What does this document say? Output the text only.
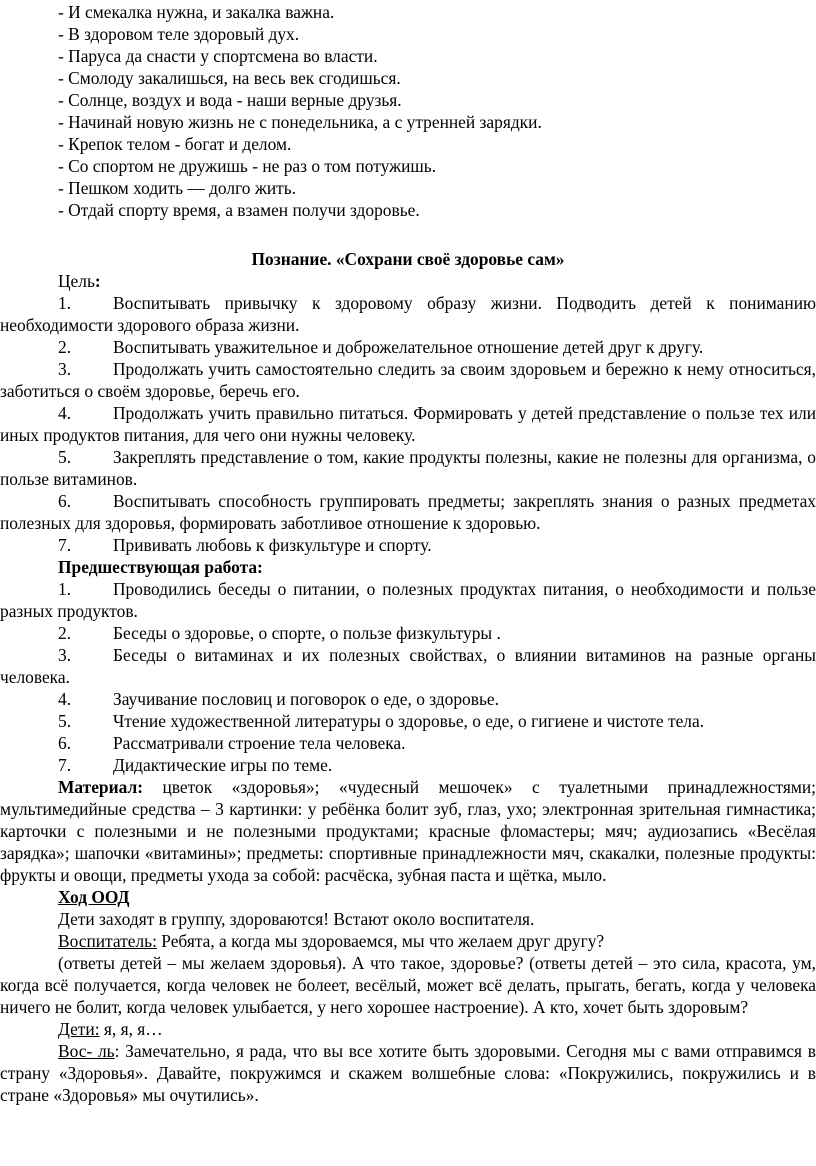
- И смекалка нужна, и закалка важна.
- В здоровом теле здоровый дух.
- Паруса да снасти у спортсмена во власти.
- Смолоду закалишься, на весь век сгодишься.
- Солнце, воздух и вода - наши верные друзья.
- Начинай новую жизнь не с понедельника, а с утренней зарядки.
- Крепок телом - богат и делом.
- Со спортом не дружишь - не раз о том потужишь.
- Пешком ходить — долго жить.
- Отдай спорту время, а взамен получи здоровье.
Познание. «Сохрани своё здоровье сам»
Цель:
1. Воспитывать привычку к здоровому образу жизни. Подводить детей к пониманию необходимости здорового образа жизни.
2. Воспитывать уважительное и доброжелательное отношение детей друг к другу.
3. Продолжать учить самостоятельно следить за своим здоровьем и бережно к нему относиться, заботиться о своём здоровье, беречь его.
4. Продолжать учить правильно питаться. Формировать у детей представление о пользе тех или иных продуктов питания, для чего они нужны человеку.
5. Закреплять представление о том, какие продукты полезны, какие не полезны для организма, о пользе витаминов.
6. Воспитывать способность группировать предметы; закреплять знания о разных предметах полезных для здоровья, формировать заботливое отношение к здоровью.
7. Прививать любовь к физкультуре и спорту.
Предшествующая работа:
1. Проводились беседы о питании, о полезных продуктах питания, о необходимости и пользе разных продуктов.
2. Беседы о здоровье, о спорте, о пользе физкультуры .
3. Беседы о витаминах и их полезных свойствах, о влиянии витаминов на разные органы человека.
4. Заучивание пословиц и поговорок о еде, о здоровье.
5. Чтение художественной литературы о здоровье, о еде, о гигиене и чистоте тела.
6. Рассматривали строение тела человека.
7. Дидактические игры по теме.
Материал: цветок «здоровья»; «чудесный мешочек» с туалетными принадлежностями; мультимедийные средства – 3 картинки: у ребёнка болит зуб, глаз, ухо; электронная зрительная гимнастика; карточки с полезными и не полезными продуктами; красные фломастеры; мяч; аудиозапись «Весёлая зарядка»; шапочки «витамины»; предметы: спортивные принадлежности мяч, скакалки, полезные продукты: фрукты и овощи, предметы ухода за собой: расчёска, зубная паста и щётка, мыло.
Ход ООД
Дети заходят в группу, здороваются! Встают около воспитателя.
Воспитатель: Ребята, а когда мы здороваемся, мы что желаем друг другу?
(ответы детей – мы желаем здоровья). А что такое, здоровье? (ответы детей – это сила, красота, ум, когда всё получается, когда человек не болеет, весёлый, может всё делать, прыгать, бегать, когда у человека ничего не болит, когда человек улыбается, у него хорошее настроение). А кто, хочет быть здоровым?
Дети: я, я, я…
Вос- ль: Замечательно, я рада, что вы все хотите быть здоровыми. Сегодня мы с вами отправимся в страну «Здоровья». Давайте, покружимся и скажем волшебные слова: «Покружились, покружились и в стране «Здоровья» мы очутились».
